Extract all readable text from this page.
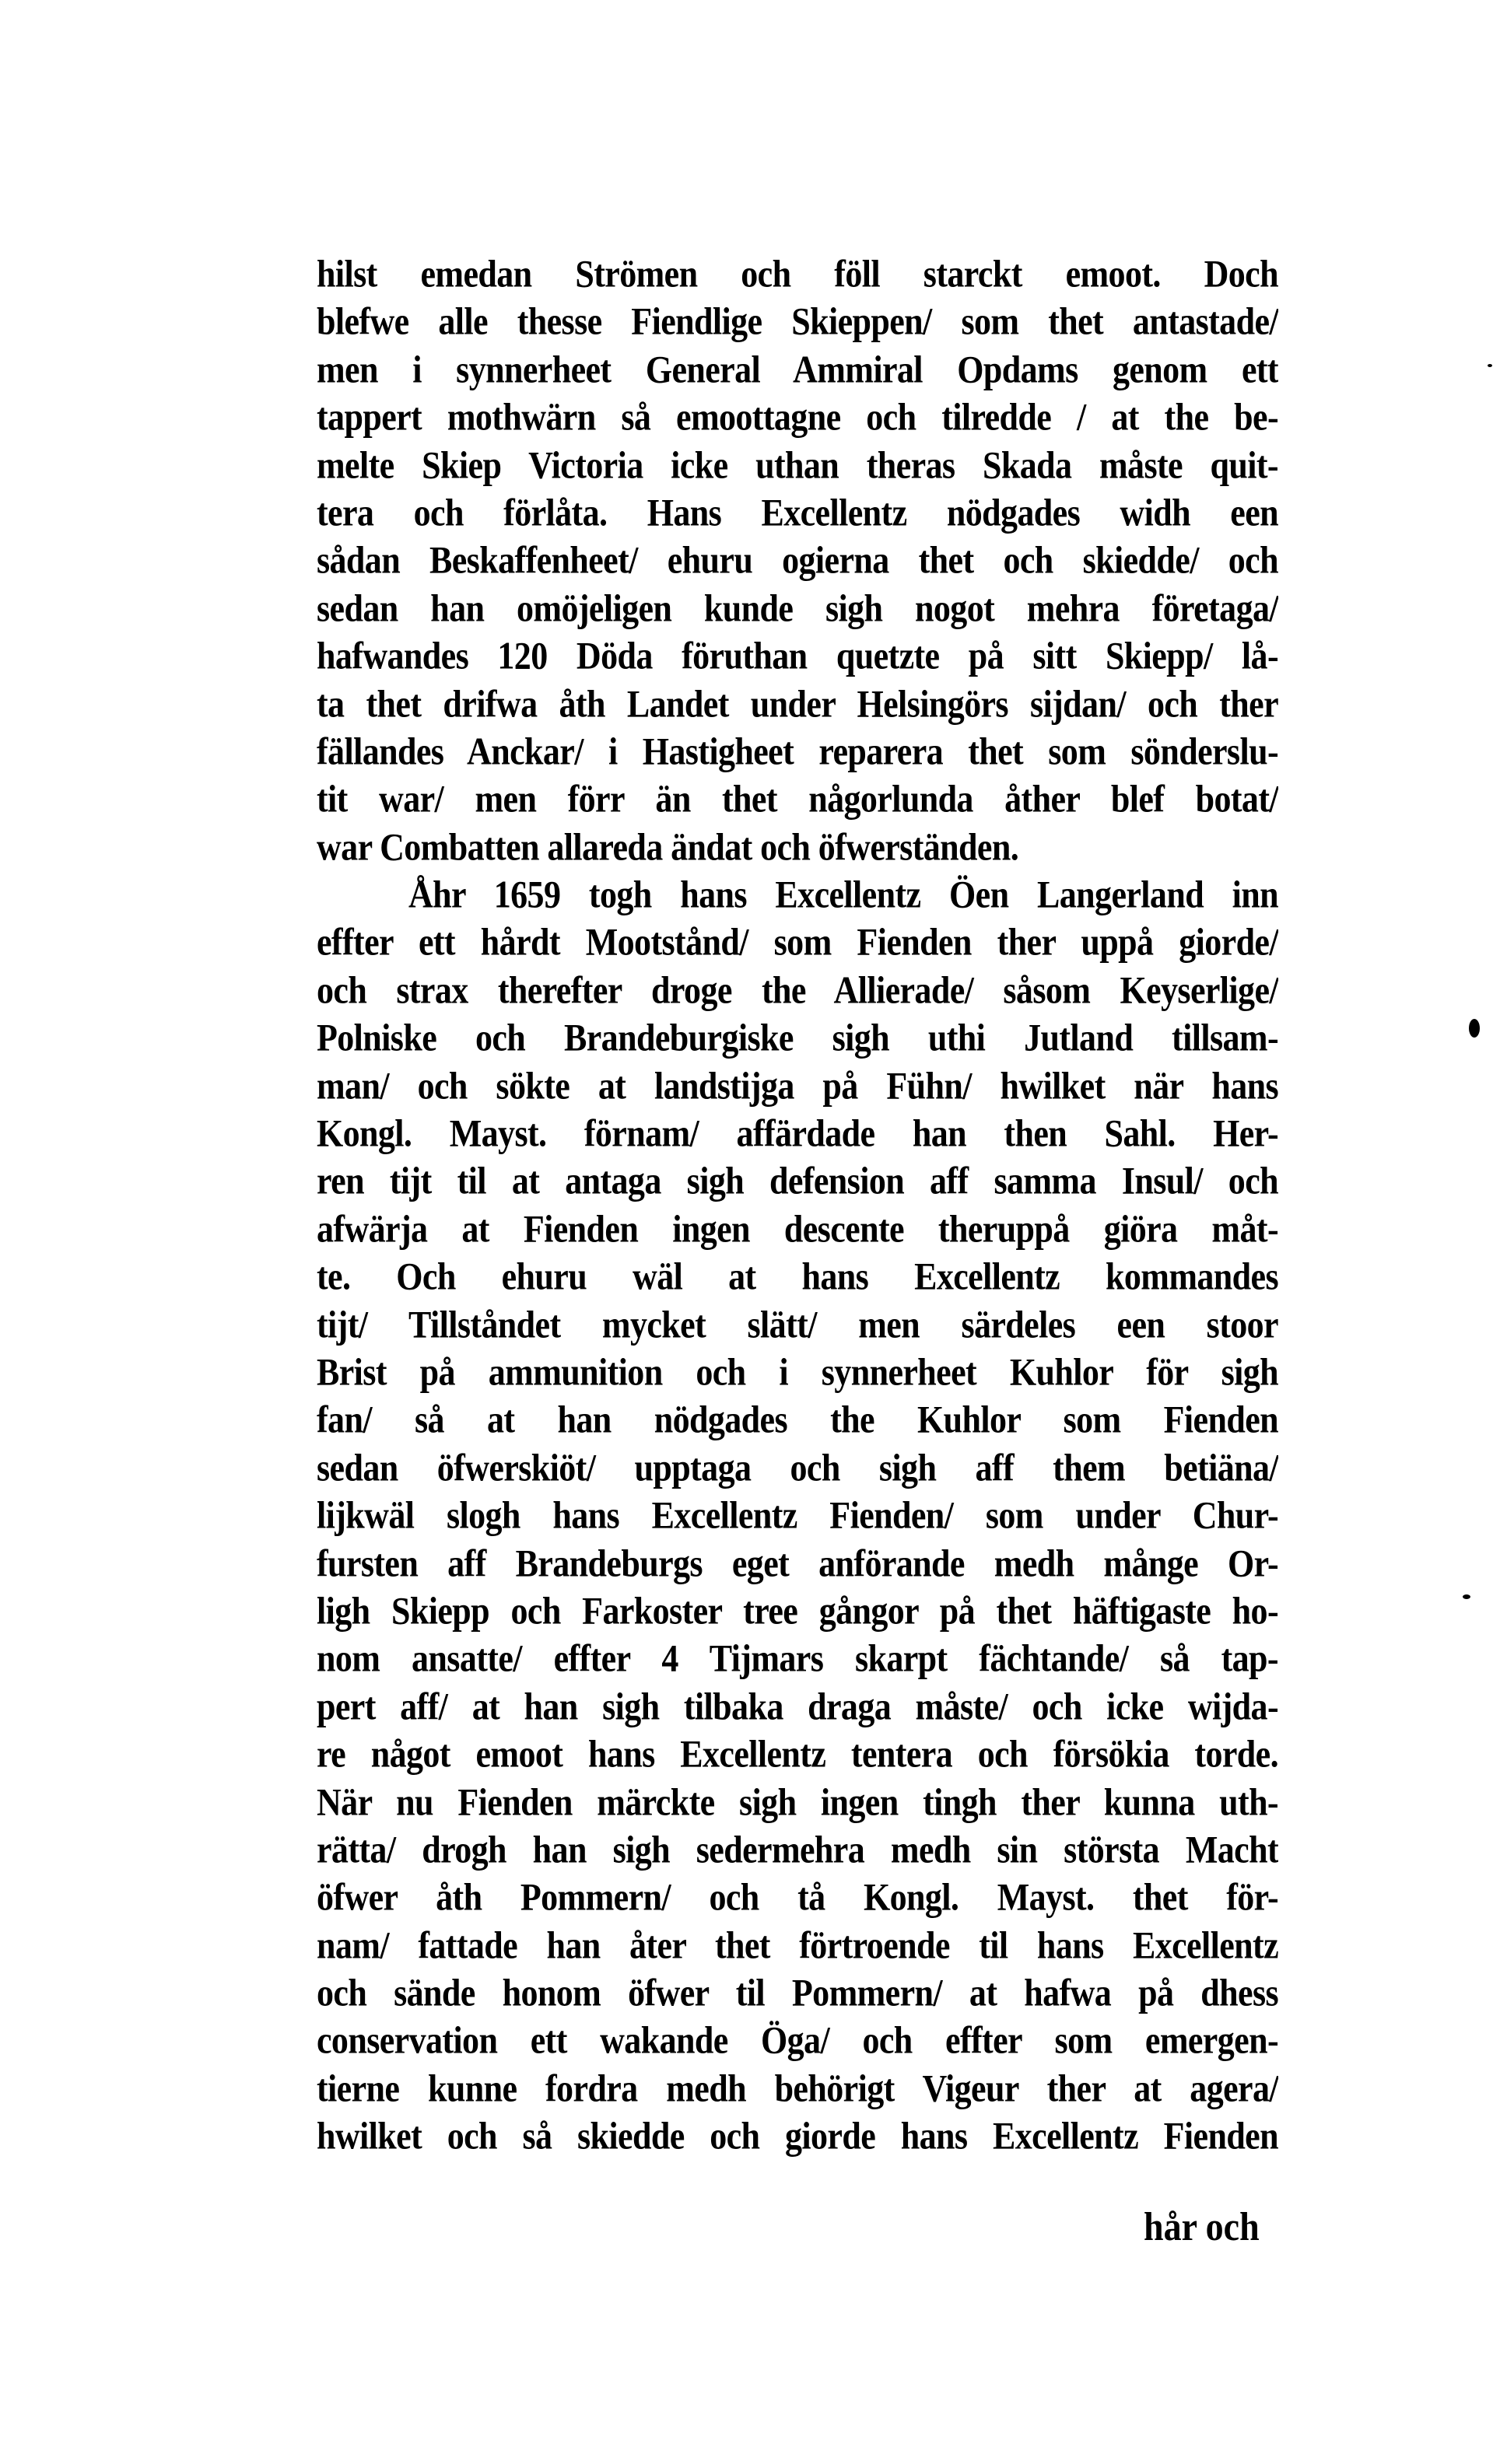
hilst emedan Strömen och föll starckt emoot. Doch
blefwe alle thesse Fiendlige Skieppen/ som thet antastade/
men i synnerheet General Ammiral Opdams genom ett
tappert mothwärn så emoottagne och tilredde / at the be-
melte Skiep Victoria icke uthan theras Skada måste quit-
tera och förlåta. Hans Excellentz nödgades widh een
sådan Beskaffenheet/ ehuru ogierna thet och skiedde/ och
sedan han omöjeligen kunde sigh nogot mehra företaga/
hafwandes 120 Döda föruthan quetzte på sitt Skiepp/ lå-
ta thet drifwa åth Landet under Helsingörs sijdan/ och ther
fällandes Anckar/ i Hastigheet reparera thet som sönderslu-
tit war/ men förr än thet någorlunda åther blef botat/
war Combatten allareda ändat och öfwerständen.
Åhr 1659 togh hans Excellentz Öen Langerland inn
effter ett hårdt Mootstånd/ som Fienden ther uppå giorde/
och strax therefter droge the Allierade/ såsom Keyserlige/
Polniske och Brandeburgiske sigh uthi Jutland tillsam-
man/ och sökte at landstijga på Fühn/ hwilket när hans
Kongl. Mayst. förnam/ affärdade han then Sahl. Her-
ren tijt til at antaga sigh defension aff samma Insul/ och
afwärja at Fienden ingen descente theruppå giöra måt-
te. Och ehuru wäl at hans Excellentz kommandes
tijt/ Tillståndet mycket slätt/ men särdeles een stoor
Brist på ammunition och i synnerheet Kuhlor för sigh
fan/ så at han nödgades the Kuhlor som Fienden
sedan öfwerskiöt/ upptaga och sigh aff them betiäna/
lijkwäl slogh hans Excellentz Fienden/ som under Chur-
fursten aff Brandeburgs eget anförande medh månge Or-
ligh Skiepp och Farkoster tree gångor på thet häftigaste ho-
nom ansatte/ effter 4 Tijmars skarpt fächtande/ så tap-
pert aff/ at han sigh tilbaka draga måste/ och icke wijda-
re något emoot hans Excellentz tentera och försökia torde.
När nu Fienden märckte sigh ingen tingh ther kunna uth-
rätta/ drogh han sigh sedermehra medh sin största Macht
öfwer åth Pommern/ och tå Kongl. Mayst. thet för-
nam/ fattade han åter thet förtroende til hans Excellentz
och sände honom öfwer til Pommern/ at hafwa på dhess
conservation ett wakande Öga/ och effter som emergen-
tierne kunne fordra medh behörigt Vigeur ther at agera/
hwilket och så skiedde och giorde hans Excellentz Fienden
hår och
